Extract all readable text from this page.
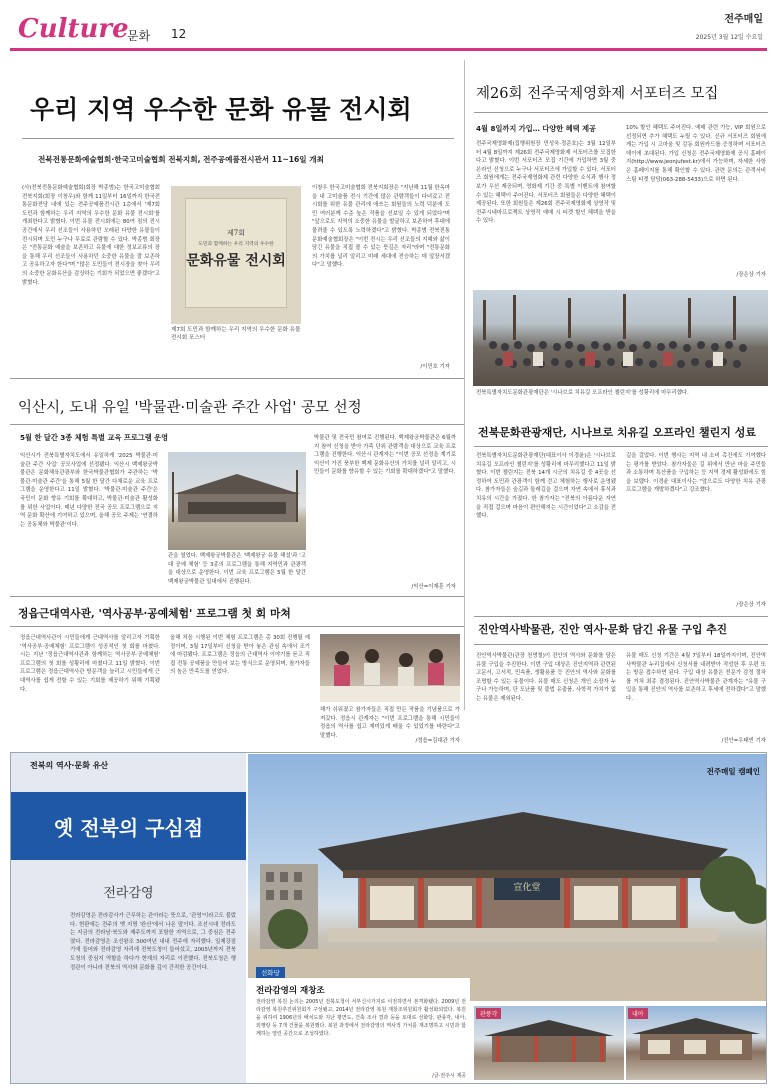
Culture
문화 12
전주매일
2025년 3월 12일 수요일
우리 지역 우수한 문화 유물 전시회
전북전통문화예술협회·한국고미술협회 전북지회, 전주공예품전시관서 11~16일 개최
(사)전북전통문화예술협회(회장 박종범)는 한국고미술협회 전북지회(회장 이창우)와 함께 11일부터 16일까지 한국전통문화전당 내에 있는 전주공예품전시관 1층에서 '제7회 도민과 함께하는 우리 지역의 우수한 문화 유물 전시회'를 개최한다고 밝혔다. 이번 유물 전시회에는 80여 점의 전시 공간에서 우리 선조들이 사용하던 오래된 다양한 유물들이 전시되며 도민 누구나 무료로 관람할 수 있다. 박종범 회장은 "전통문화 예술을 보존하고 유물에 대한 정보교류의 장을 통해 우리 선조들이 사용하던 소중한 유물을 잘 보존하고 공유하고자 한다"며 "많은 도민들이 전시장을 찾아 우리의 소중한 문화유산을 감상하는 기회가 되었으면 좋겠다"고 밝혔다.
제7회
도민과 함께하는 우리 지역의 우수한
문화유물 전시회
제7회 도민과 함께하는 우리 지역의 우수한 문화 유물 전시회 포스터
이창우 한국고미술협회 전북지회장은 "지난해 11월 한옥마을 내 고미술품 전시 기간에 많은 관람객들이 다녀갔고 전시회를 위한 유물 관리에 애쓰는 회원들의 노력 덕분에 도민 여러분께 수준 높은 작품을 선보일 수 있게 되었다"며 "앞으로도 지역의 소중한 유물을 발굴하고 보존하여 후대에 물려줄 수 있도록 노력하겠다"고 밝혔다. 박종범 전북전통문화예술협회장은 "이번 전시는 우리 선조들의 지혜와 삶이 담긴 유물을 직접 볼 수 있는 뜻깊은 자리"라며 "전통문화의 가치를 널리 알리고 미래 세대에 전승하는 데 앞장서겠다"고 말했다.
/이민호 기자
제26회 전주국제영화제 서포터즈 모집
4월 8일까지 가입… 다양한 혜택 제공
전주국제영화제(집행위원장 민성욱·정준호)는 3월 12일부터 4월 8일까지 제26회 전주국제영화제 서포터즈를 모집한다고 밝혔다. 이번 서포터즈 모집 기간에 가입하면 3월 중 온라인 신청으로 누구나 서포터즈에 가입할 수 있다. 서포터즈 회원에게는 전주국제영화제 관련 다양한 소식과 행사 정보가 우선 제공되며, 영화제 기간 중 특별 이벤트에 참여할 수 있는 혜택이 주어진다. 서포터즈 회원들은 다양한 혜택이 제공된다. 또한 회원들은 제26회 전주국제영화제 상영작 및 전주시네마프로젝트 상영작 예매 시 티켓 할인 혜택을 받을 수 있다.
10% 할인 혜택도 주어진다. 예매 관련 가능, VIP 회원으로 선정되면 추가 혜택도 누릴 수 있다. 신규 서포터즈 회원에게는 가입 시 고마움 및 감동 회원카드를 증정하며 서포터즈 데이에 초대된다. 가입 신청은 전주국제영화제 공식 홈페이지(http://www.jeonjufest.kr)에서 가능하며, 자세한 사항은 홈페이지를 통해 확인할 수 있다. 관련 문의는 관객서비스팀 티켓 담당(063-288-5433)으로 하면 된다.
/장은상 기자
전북특별자치도문화관광재단은 '시나브로 치유길 오프라인 챌린지'를 성황리에 마무리했다.
익산시, 도내 유일 '박물관·미술관 주간 사업' 공모 선정
5월 한 달간 3종 체험 특별 교육 프로그램 운영
익산시가 전북특별자치도에서 유일하게 '2025 박물관·미술관 주간 사업' 공모사업에 선정됐다. 익산시 백제왕궁박물관은 문화체육관광부와 한국박물관협회가 주관하는 '박물관·미술관 주간'을 통해 5월 한 달간 다채로운 교육 프로그램을 운영한다고 11일 밝혔다. '박물관·미술관 주간'은 국민이 문화 향유 기회를 확대하고, 박물관·미술관 활성화를 위한 사업이다. 매년 다양한 전국 공모 프로그램으로 지역 문화 확산에 기여하고 있으며, 올해 공모 주제는 '연결하는 공동체와 박물관'이다.
관을 열었다. 백제왕궁박물관은 '백제왕궁 유물 해설'과 '고대 공예 체험' 등 3종의 프로그램을 통해 지역민과 관광객을 대상으로 운영한다. 이번 교육 프로그램은 5월 한 달간 백제왕궁박물관 일대에서 진행된다.
박물관 및 전국민 참여로 진행된다. 백제왕궁박물관은 6월까지 참여 신청을 받아 가족 단위 관람객을 대상으로 교육 프로그램을 진행한다. 익산시 관계자는 "이번 공모 선정을 계기로 익산이 가진 풍부한 백제 문화유산의 가치를 널리 알리고, 시민들이 문화를 향유할 수 있는 기회를 확대하겠다"고 말했다.
/익산=이재훈 기자
전북문화관광재단, 시나브로 치유길 오프라인 챌린지 성료
전북특별자치도문화관광재단(대표이사 이경윤)은 '시나브로 치유길 오프라인 챌린지'를 성황리에 마무리했다고 11일 밝혔다. 이번 챌린지는 전북 14개 시군의 치유길 중 4곳을 선정하여 도민과 관광객이 함께 걷고 체험하는 행사로 운영됐다. 참가자들은 숲길과 둘레길을 걸으며 자연 속에서 휴식과 치유의 시간을 가졌다. 한 참가자는 "전북의 아름다운 자연을 직접 걸으며 마음이 편안해지는 시간이었다"고 소감을 전했다.
길을 걸었다. 이번 행사는 지역 내 소비 촉진에도 기여했다는 평가를 받았다. 참가자들은 길 위에서 만난 마을 주민들과 소통하며 특산품을 구입하는 등 지역 경제 활성화에도 힘을 보탰다. 이경윤 대표이사는 "앞으로도 다양한 치유 관광 프로그램을 개발하겠다"고 강조했다.
/장은상 기자
정읍근대역사관, '역사공부·공예체험' 프로그램 첫 회 마쳐
정읍근대역사관이 시민들에게 근대역사를 알리고자 기획한 '역사공부·공예체험' 프로그램이 성공적인 첫 회를 마쳤다. 시는 지난 '정읍근대역사관과 함께하는 역사공부·공예체험' 프로그램의 첫 회를 성황리에 마쳤다고 11일 밝혔다. 이번 프로그램은 정읍근대역사관 방문객을 늘리고 시민들에게 근대역사를 쉽게 전할 수 있는 기회를 제공하기 위해 기획됐다.
올해 처음 시행된 이번 체험 프로그램은 총 30회 진행될 예정이며, 3월 17일부터 신청을 받아 놓은 관심 속에서 조기에 마감됐다. 프로그램은 정읍의 근대역사 이야기를 듣고 직접 전통 공예품을 만들어 보는 방식으로 운영되며, 참가자들의 높은 만족도를 얻었다.
해가 쉬워졌고 참가자들은 직접 만든 작품을 기념품으로 가져갔다. 정읍시 관계자는 "이번 프로그램을 통해 시민들이 정읍의 역사를 쉽고 재미있게 배울 수 있었기를 바란다"고 말했다.
/정읍=김대관 기자
진안역사박물관, 진안 역사·문화 담긴 유물 구입 추진
진안역사박물관(관장 천명철)이 진안의 역사와 문화를 담은 유물 구입을 추진한다. 이번 구입 대상은 진안지역과 관련된 고문서, 고서적, 민속품, 생활용품 등 진안의 역사와 문화를 조명할 수 있는 유물이다. 유물 매도 신청은 개인 소장자 누구나 가능하며, 단 도난품 및 불법 유출품, 사학적 가치가 없는 유물은 제외된다.
유물 매도 신청 기간은 4월 7일부터 18일까지이며, 진안역사박물관 누리집에서 신청서를 내려받아 작성한 후 우편 또는 방문 접수하면 된다. 구입 대상 유물은 전문가 감정 절차를 거쳐 최종 결정된다. 진안역사박물관 관계자는 "유물 구입을 통해 진안의 역사를 보존하고 후세에 전하겠다"고 말했다.
/진안=우태빈 기자
전북의 역사·문화 유산
옛 전북의 구심점
전라감영
전라감영은 전라감사가 근무하는 관아라는 뜻으로, '관영'이라고도 불렀다. 현판에는 전주의 옛 지명 '완산'에서 나온 말이다. 조선시대 전라도는 지금의 전라남·북도와 제주도까지 포함한 지역으로, 그 중심은 전주였다. 전라감영은 조선왕조 500여년 내내 전주에 자리했다. 일제강점기에 들어와 전라감영 자리에 전북도청이 들어섰고, 2005년까지 전북 도청의 중심지 역할을 하다가 현재의 자리로 이전했다. 전북도청은 행정관이 아니라 전북의 역사와 문화를 깊이 간직한 공간이다.
宣化堂
전주매일 캠페인
선화당
전라감영의 재창조
전라감영 복원 논의는 2005년 전북도청이 서부신시가지로 이전하면서 본격화됐다. 2009년 전라감영 복원추진위원회가 구성됐고, 2014년 전라감영 복원 재창조위원회가 활성화되었다. 복원을 위하여 1906년의 배치도와 지난 평면도, 건축 조사 결과 등을 토대로 선화당, 관풍각, 내아, 외행랑 등 7개 건물을 복원했다. 복원 과정에서 전라감영의 역사적 가치를 재조명하고 시민과 함께하는 열린 공간으로 조성하였다.
/글·전주시 제공
관풍각	내아
